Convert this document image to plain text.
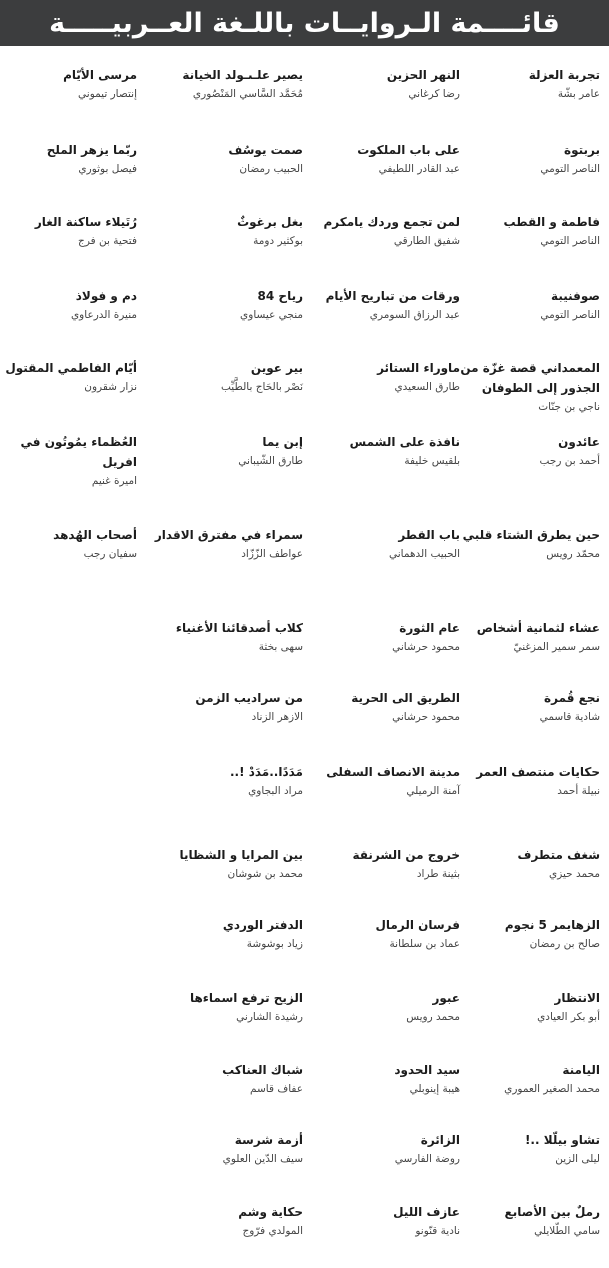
قائــــمة الـروايــات باللـغة العــربيـــــة
تجربة العزلة
عامر بشّة
النهر الحزين
رضا كرغاني
يصير علـىـولد الخيانة
مُحَمَّد السَّاسي المَنْصُوري
مرسى الأيّام
إنتصار تيموني
بربتوة
الناصر التومي
على باب الملكوت
عبد القادر اللطيفي
صمت يوسُف
الحبيب رمضان
ربّما يزهر الملح
فيصل بوثوري
فاطمة و القطب
الناصر التومي
لمن تجمع وردك يامكرم
شفيق الطارقي
بغل برغوثٌ
بوكثير دومة
رُتَيلاء ساكنة الغار
فتحية بن فرج
صوفنيبة
الناصر التومي
ورقات من تباريح الأيام
عبد الرزاق السومري
رياح 84
منجي عيساوي
دم و فولاذ
منيرة الدرعاوي
المعمداني قصة غزّة من الجذور إلى الطوفان
ناجي بن جنّات
ماوراء الستائر
طارق السعيدي
بير عوين
نَصْر بالحَاج بالطَّيِّب
أيّام الفاطمي المقتول
نزار شقرون
عائدون
أحمد بن رجب
نافذة على الشمس
بلقيس خليفة
إبن يما
طارق الشّيباني
العُظماء يمُوتُون في افريل
اميرة غنيم
حين يطرق الشتاء قلبي
محمّد رويس
باب القطر
الحبيب الدهماني
سمراء في مفترق الاقدار
عواطف الزّزّاد
أصحاب الهُدهد
سفيان رجب
عشاء لثمانية أشخاص
سمر سمير المزغنيّ
عام الثورة
محمود حرشاني
كلاب أصدقائنا الأغنياء
سهى بخثة
نجع قُمرة
شادية قاسمي
الطريق الى الحرية
محمود حرشاني
من سراديب الزمن
الازهر الزناد
حكايات منتصف العمر
نبيلة أحمد
مدينة الانصاف السفلى
آمنة الرميلي
مَدَدًا..مَدَدْ !..
مراد البجاوي
شغف متطرف
محمد حيزي
خروج من الشرنقة
بثينة طراد
بين المرايا و الشظايا
محمد بن شوشان
الزهايمر 5 نجوم
صالح بن رمضان
فرسان الرمال
عماد بن سلطانة
الدفتر الوردي
زياد بوشوشة
الانتظار
أبو بكر العيادي
عبور
محمد رويس
الزيح ترفع اسماءها
رشيدة الشارني
اليامنة
محمد الصغير العموري
سيد الحدود
هيبة إينوبلي
شباك العناكب
عفاف قاسم
تشاو بيلّلا ..!
ليلى الزين
الزائرة
روضة الفارسي
أزمة شرسة
سيف الدّين العلوي
رملٌ بين الأصابع
سامي الطّلايلي
عازف الليل
نادية قنّونو
حكاية وشم
المولدي فرّوج
